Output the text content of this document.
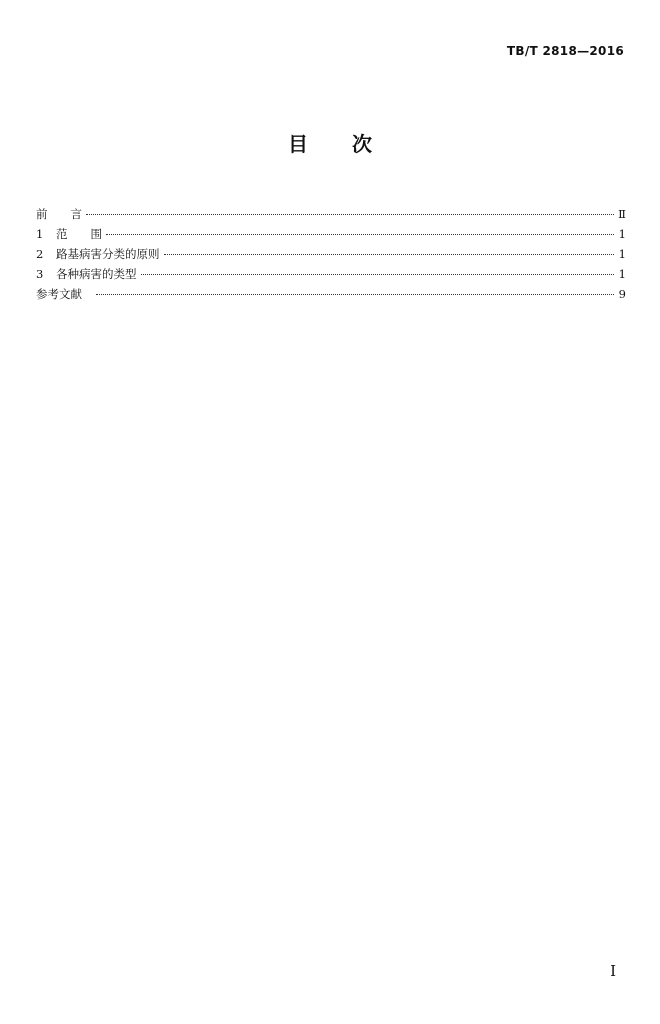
TB/T 2818—2016
目 次
前　　言	Ⅱ
1	范　　围	1
2	路基病害分类的原则	1
3	各种病害的类型	1
参考文献	9
I
